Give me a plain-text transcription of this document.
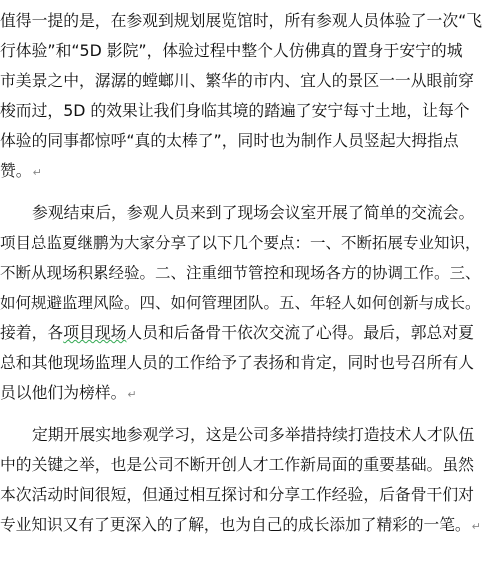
值得一提的是，在参观到规划展览馆时，所有参观人员体验了一次“飞
行体验”和“5D 影院”，体验过程中整个人仿佛真的置身于安宁的城
市美景之中，潺潺的螳螂川、繁华的市内、宜人的景区一一从眼前穿
梭而过，5D 的效果让我们身临其境的踏遍了安宁每寸土地，让每个
体验的同事都惊呼“真的太棒了”，同时也为制作人员竖起大拇指点
赞。↵
参观结束后，参观人员来到了现场会议室开展了简单的交流会。
项目总监夏继鹏为大家分享了以下几个要点：一、不断拓展专业知识，
不断从现场积累经验。二、注重细节管控和现场各方的协调工作。三、
如何规避监理风险。四、如何管理团队。五、年轻人如何创新与成长。
接着，各项目现场人员和后备骨干依次交流了心得。最后，郭总对夏
总和其他现场监理人员的工作给予了表扬和肯定，同时也号召所有人
员以他们为榜样。↵
定期开展实地参观学习，这是公司多举措持续打造技术人才队伍
中的关键之举，也是公司不断开创人才工作新局面的重要基础。虽然
本次活动时间很短，但通过相互探讨和分享工作经验，后备骨干们对
专业知识又有了更深入的了解，也为自己的成长添加了精彩的一笔。↵
